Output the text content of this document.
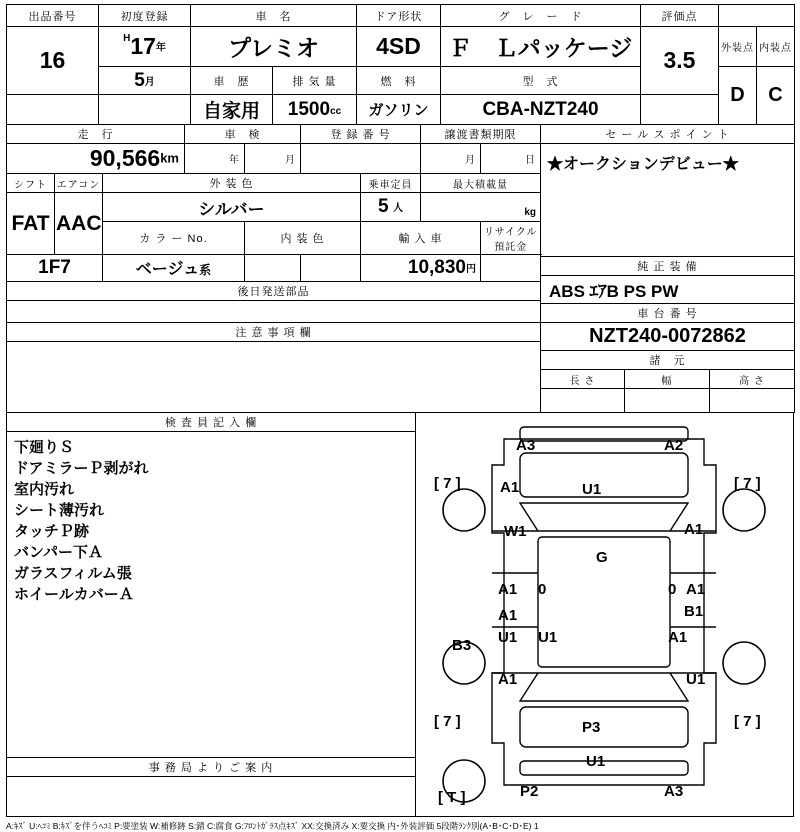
出品番号	初度登録	車　名		ドア形状	グ　レ　ー　ド	評価点		
16	$^H$17年	プレミオ		4SD	Ｆ　Ｌパッケージ	3.5	外装点	内装点
	5月	車　歴	排 気 量	燃　料	型　式		D	C
		自家用	1500cc	ガソリン	CBA-NZT240			
走　行			車　検		登 録 番 号		譲渡書類期限		
90,566km			年	月			月	日	
シフト	エアコン	外 装 色				乗車定員	最大積載量		
FAT	AAC	シルバー				5 人	kg		
		カ ラ ー No.		内 装 色		輸 入 車		リサイクル預託金	
1F7		ベージュ系				10,830円			
後日発送部品									

注 意 事 項 欄									

セ ー ル ス ポ イ ン ト		
★オークションデビュー★		
純 正 装 備		
ABS ｴｱB PS PW		
車 台 番 号		
NZT240-0072862		
諸　元		
長 さ	幅	高 さ

検 査 員 記 入 欄

下廻りＳ
ドアミラーＰ剥がれ
室内汚れ
シート薄汚れ
タッチＰ跡
バンパー下Ａ
ガラスフィルム張
ホイールカバーＡ

事 務 局 よ り ご 案 内

A3	A2
[ 7 ]	[ 7 ]
A1
A1
W1
U1
G
A1	A1
0	0
B1
A1
A1
U1 U1
B3
A1	U1
[ 7 ]	[ 7 ]
P3
U1
[ T ]	P2	A3
A:ｷｽﾞ U:ﾍｺﾐ B:ｷｽﾞを伴うﾍｺﾐ P:要塗装 W:補修跡 S:錆 C:腐食 G:ﾌﾛﾝﾄｶﾞﾗｽ点ｷｽﾞ XX:交換済み X:要交換 内･外装評価 5段階ﾗﾝｸ別(A･B･C･D･E) 1
